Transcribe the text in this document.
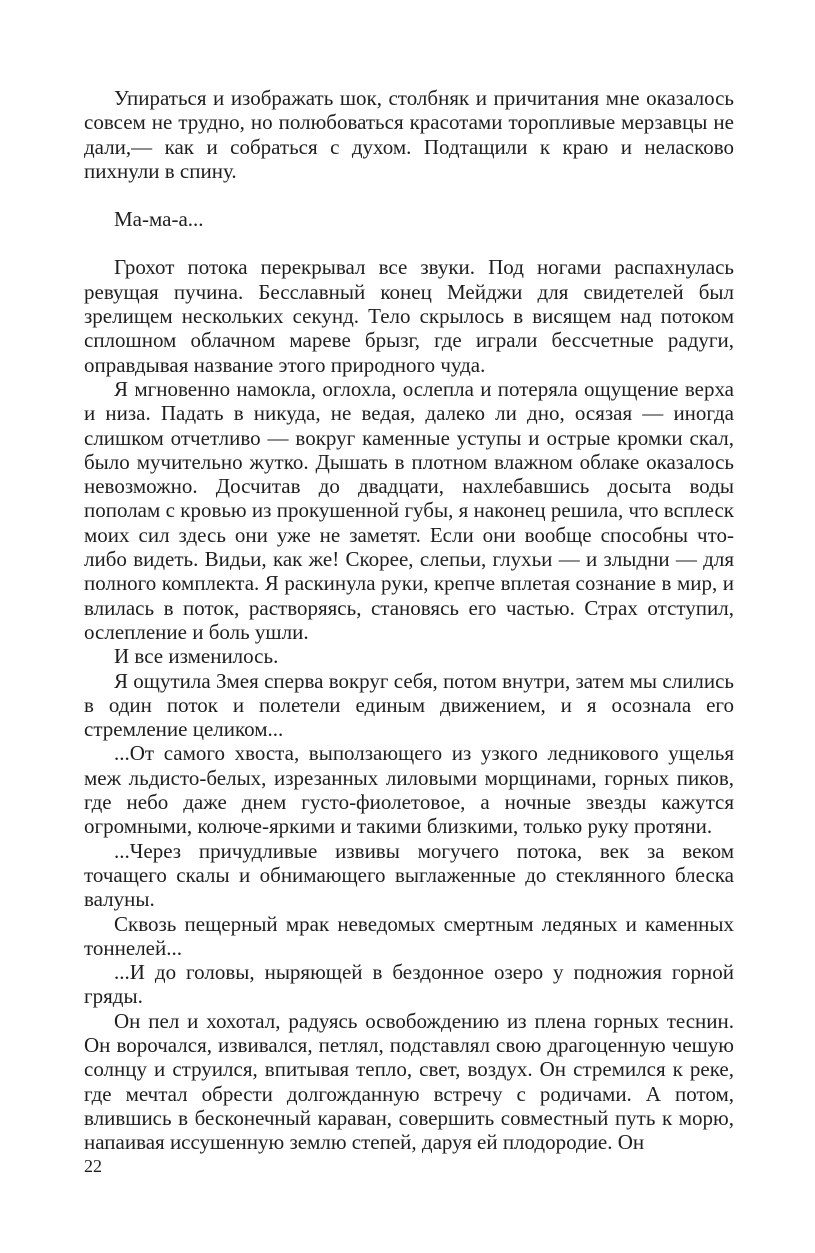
Упираться и изображать шок, столбняк и причитания мне оказалось совсем не трудно, но полюбоваться красотами торопливые мерзавцы не дали,— как и собраться с духом. Подтащили к краю и неласково пихнули в спину.

Ма-ма-а...

Грохот потока перекрывал все звуки. Под ногами распахнулась ревущая пучина. Бесславный конец Мейджи для свидетелей был зрелищем нескольких секунд. Тело скрылось в висящем над потоком сплошном облачном мареве брызг, где играли бессчетные радуги, оправдывая название этого природного чуда.

Я мгновенно намокла, оглохла, ослепла и потеряла ощущение верха и низа. Падать в никуда, не ведая, далеко ли дно, осязая — иногда слишком отчетливо — вокруг каменные уступы и острые кромки скал, было мучительно жутко. Дышать в плотном влажном облаке оказалось невозможно. Досчитав до двадцати, нахлебавшись досыта воды пополам с кровью из прокушенной губы, я наконец решила, что всплеск моих сил здесь они уже не заметят. Если они вообще способны что-либо видеть. Видьи, как же! Скорее, слепьи, глухьи — и злыдни — для полного комплекта. Я раскинула руки, крепче вплетая сознание в мир, и влилась в поток, растворяясь, становясь его частью. Страх отступил, ослепление и боль ушли.

И все изменилось.

Я ощутила Змея сперва вокруг себя, потом внутри, затем мы слились в один поток и полетели единым движением, и я осознала его стремление целиком...

...От самого хвоста, выползающего из узкого ледникового ущелья меж льдисто-белых, изрезанных лиловыми морщинами, горных пиков, где небо даже днем густо-фиолетовое, а ночные звезды кажутся огромными, колюче-яркими и такими близкими, только руку протяни.

...Через причудливые извивы могучего потока, век за веком точащего скалы и обнимающего выглаженные до стеклянного блеска валуны.

Сквозь пещерный мрак неведомых смертным ледяных и каменных тоннелей...

...И до головы, ныряющей в бездонное озеро у подножия горной гряды.

Он пел и хохотал, радуясь освобождению из плена горных теснин. Он ворочался, извивался, петлял, подставлял свою драгоценную чешую солнцу и струился, впитывая тепло, свет, воздух. Он стремился к реке, где мечтал обрести долгожданную встречу с родичами. А потом, влившись в бесконечный караван, совершить совместный путь к морю, напаивая иссушенную землю степей, даруя ей плодородие. Он

22
